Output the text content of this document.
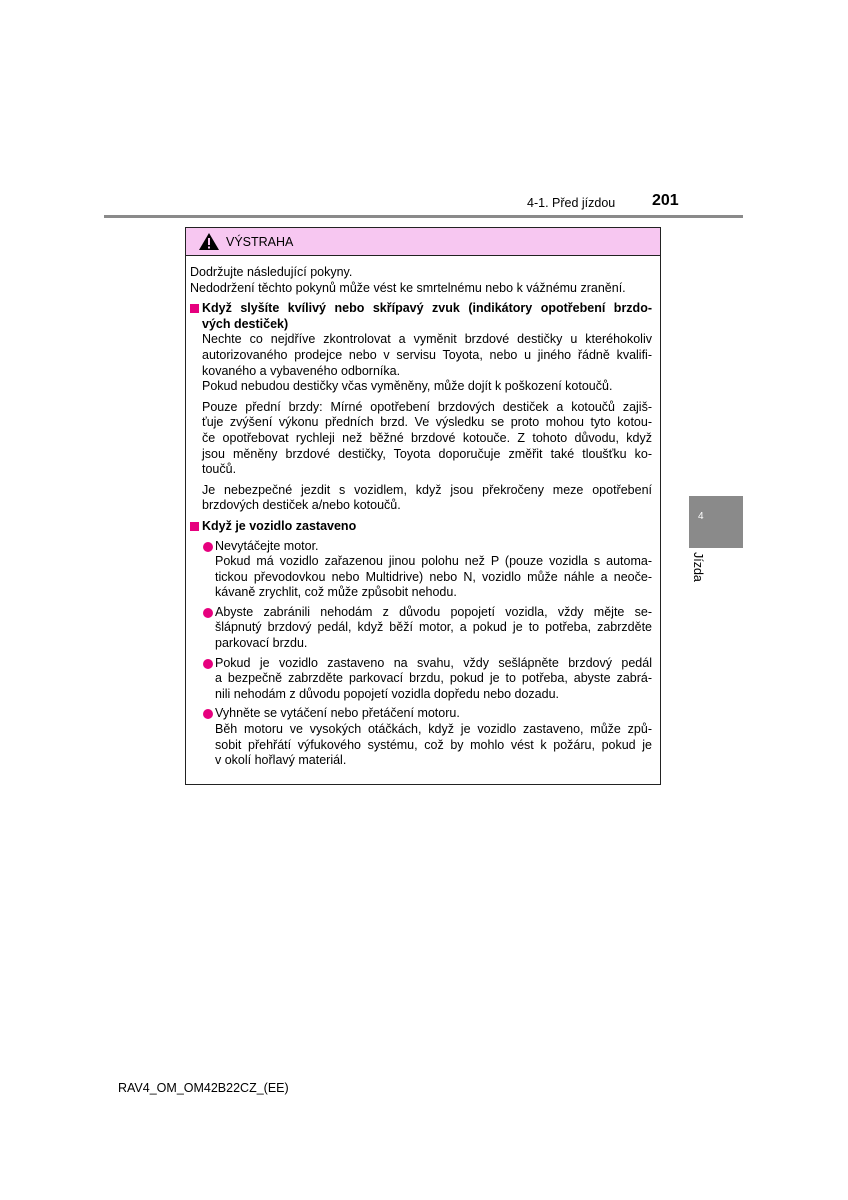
4-1. Před jízdou 201
VÝSTRAHA
Dodržujte následující pokyny.
Nedodržení těchto pokynů může vést ke smrtelnému nebo k vážnému zranění.
Když slyšíte kvílivý nebo skřípavý zvuk (indikátory opotřebení brzdo-
vých destiček)
Nechte co nejdříve zkontrolovat a vyměnit brzdové destičky u kteréhokoliv
autorizovaného prodejce nebo v servisu Toyota, nebo u jiného řádně kvalifi-
kovaného a vybaveného odborníka.
Pokud nebudou destičky včas vyměněny, může dojít k poškození kotoučů.
Pouze přední brzdy: Mírné opotřebení brzdových destiček a kotoučů zajiš-
ťuje zvýšení výkonu předních brzd. Ve výsledku se proto mohou tyto kotou-
če opotřebovat rychleji než běžné brzdové kotouče. Z tohoto důvodu, když
jsou měněny brzdové destičky, Toyota doporučuje změřit také tloušťku ko-
toučů.
Je nebezpečné jezdit s vozidlem, když jsou překročeny meze opotřebení
brzdových destiček a/nebo kotoučů.
Když je vozidlo zastaveno
Nevytáčejte motor.
Pokud má vozidlo zařazenou jinou polohu než P (pouze vozidla s automa-
tickou převodovkou nebo Multidrive) nebo N, vozidlo může náhle a neoče-
kávaně zrychlit, což může způsobit nehodu.
Abyste zabránili nehodám z důvodu popojetí vozidla, vždy mějte se-
šlápnutý brzdový pedál, když běží motor, a pokud je to potřeba, zabrzděte
parkovací brzdu.
Pokud je vozidlo zastaveno na svahu, vždy sešlápněte brzdový pedál
a bezpečně zabrzděte parkovací brzdu, pokud je to potřeba, abyste zabrá-
nili nehodám z důvodu popojetí vozidla dopředu nebo dozadu.
Vyhněte se vytáčení nebo přetáčení motoru.
Běh motoru ve vysokých otáčkách, když je vozidlo zastaveno, může způ-
sobit přehřátí výfukového systému, což by mohlo vést k požáru, pokud je
v okolí hořlavý materiál.
4
Jízda
RAV4_OM_OM42B22CZ_(EE)
